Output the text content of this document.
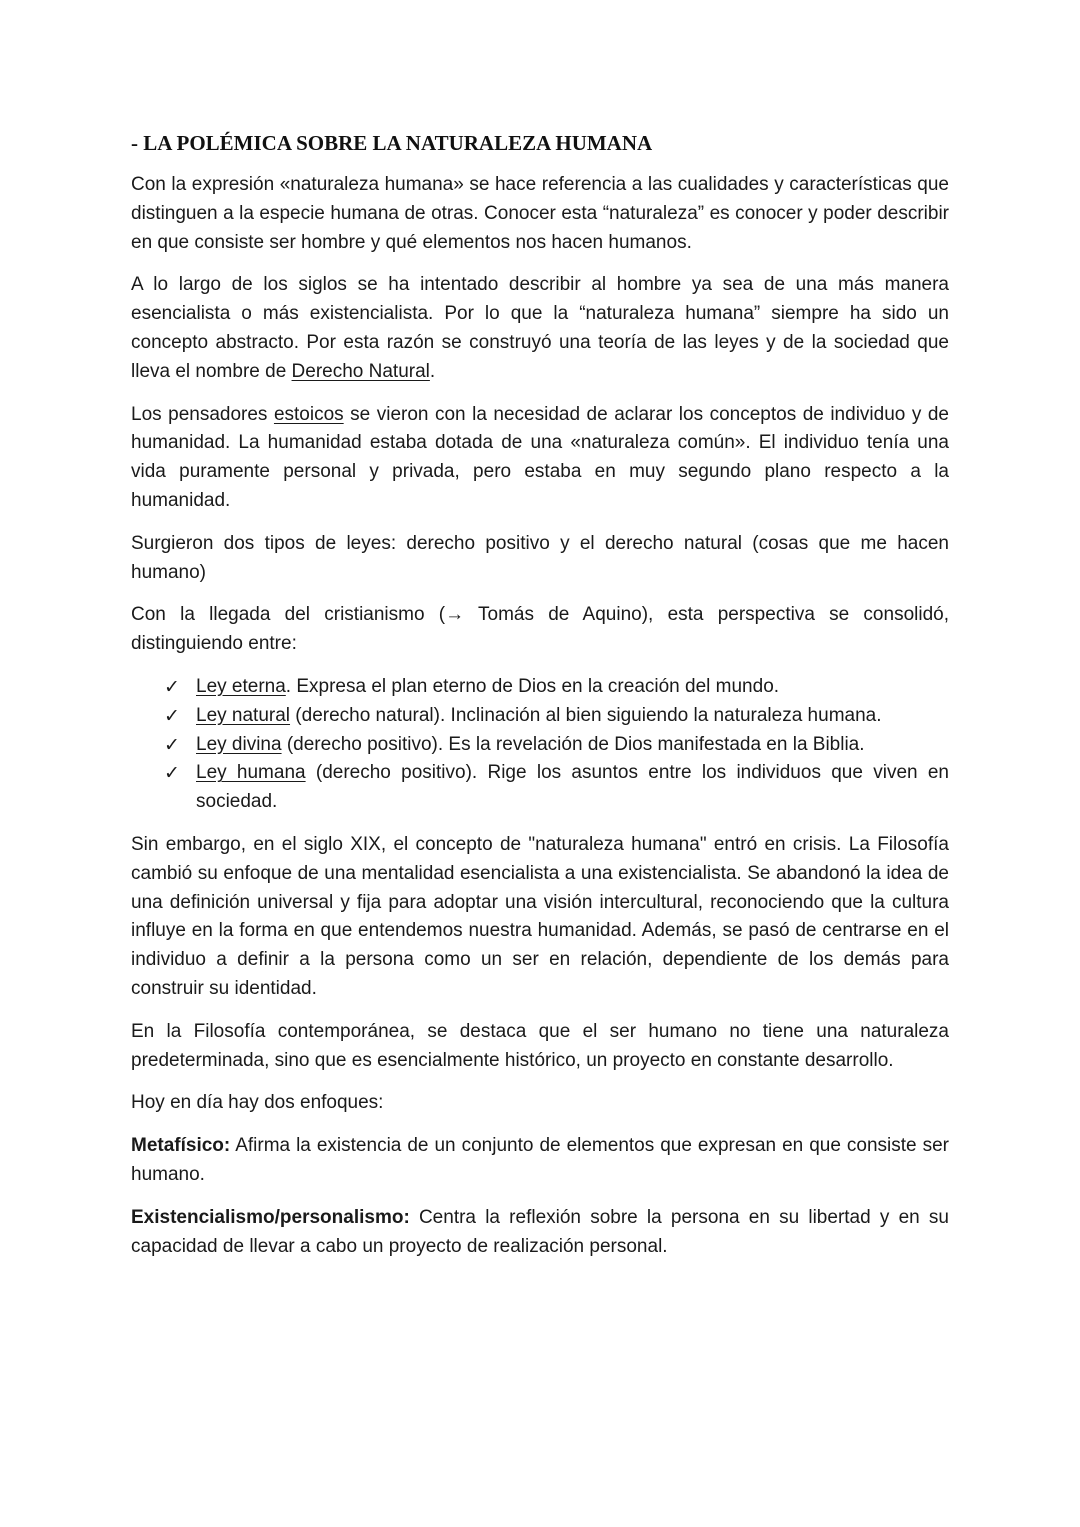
- LA POLÉMICA SOBRE LA NATURALEZA HUMANA

Con la expresión «naturaleza humana» se hace referencia a las cualidades y características que distinguen a la especie humana de otras. Conocer esta “naturaleza” es conocer y poder describir en que consiste ser hombre y qué elementos nos hacen humanos.

A lo largo de los siglos se ha intentado describir al hombre ya sea de una más manera esencialista o más existencialista. Por lo que la “naturaleza humana” siempre ha sido un concepto abstracto. Por esta razón se construyó una teoría de las leyes y de la sociedad que lleva el nombre de Derecho Natural.

Los pensadores estoicos se vieron con la necesidad de aclarar los conceptos de individuo y de humanidad. La humanidad estaba dotada de una «naturaleza común». El individuo tenía una vida puramente personal y privada, pero estaba en muy segundo plano respecto a la humanidad.

Surgieron dos tipos de leyes: derecho positivo y el derecho natural (cosas que me hacen humano)

Con la llegada del cristianismo (→ Tomás de Aquino), esta perspectiva se consolidó, distinguiendo entre:

✓ Ley eterna. Expresa el plan eterno de Dios en la creación del mundo.
✓ Ley natural (derecho natural). Inclinación al bien siguiendo la naturaleza humana.
✓ Ley divina (derecho positivo). Es la revelación de Dios manifestada en la Biblia.
✓ Ley humana (derecho positivo). Rige los asuntos entre los individuos que viven en sociedad.

Sin embargo, en el siglo XIX, el concepto de "naturaleza humana" entró en crisis. La Filosofía cambió su enfoque de una mentalidad esencialista a una existencialista. Se abandonó la idea de una definición universal y fija para adoptar una visión intercultural, reconociendo que la cultura influye en la forma en que entendemos nuestra humanidad. Además, se pasó de centrarse en el individuo a definir a la persona como un ser en relación, dependiente de los demás para construir su identidad.

En la Filosofía contemporánea, se destaca que el ser humano no tiene una naturaleza predeterminada, sino que es esencialmente histórico, un proyecto en constante desarrollo.

Hoy en día hay dos enfoques:

Metafísico: Afirma la existencia de un conjunto de elementos que expresan en que consiste ser humano.

Existencialismo/personalismo: Centra la reflexión sobre la persona en su libertad y en su capacidad de llevar a cabo un proyecto de realización personal.
